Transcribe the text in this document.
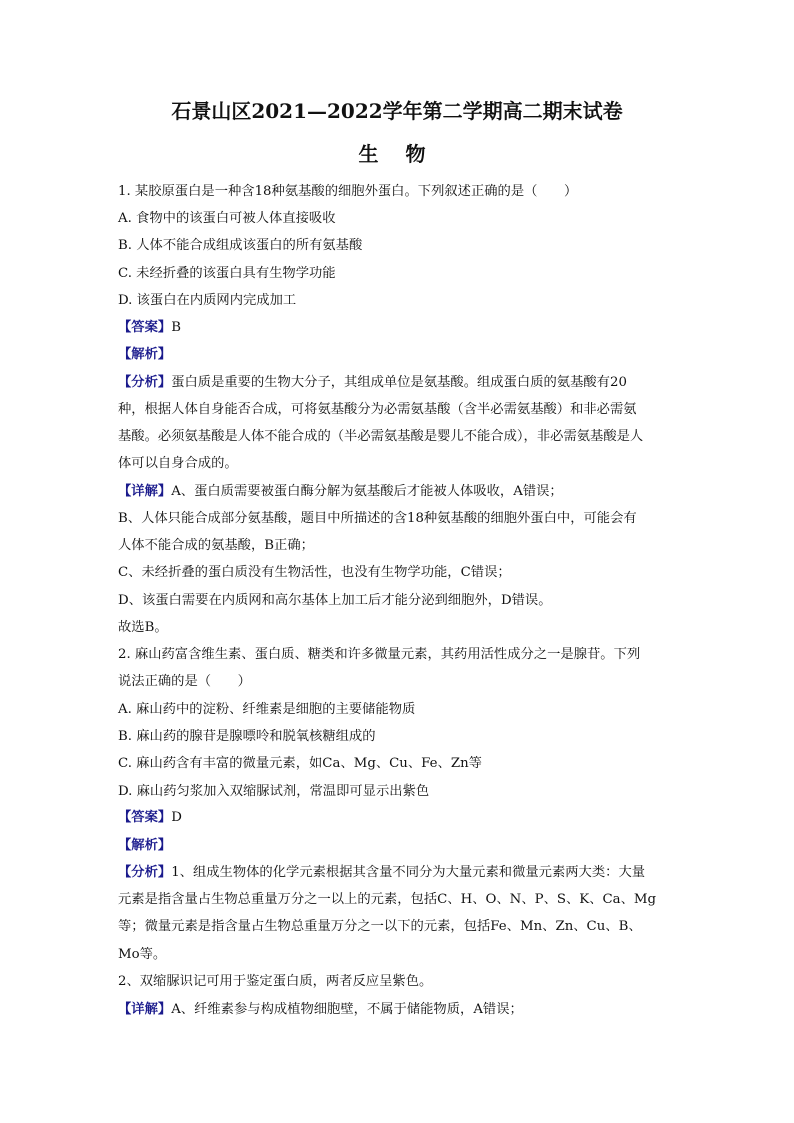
石景山区2021—2022学年第二学期高二期末试卷
生 物
1. 某胶原蛋白是一种含18种氨基酸的细胞外蛋白。下列叙述正确的是（　　）
A. 食物中的该蛋白可被人体直接吸收
B. 人体不能合成组成该蛋白的所有氨基酸
C. 未经折叠的该蛋白具有生物学功能
D. 该蛋白在内质网内完成加工
【答案】B
【解析】
【分析】蛋白质是重要的生物大分子，其组成单位是氨基酸。组成蛋白质的氨基酸有20
种，根据人体自身能否合成，可将氨基酸分为必需氨基酸（含半必需氨基酸）和非必需氨
基酸。必须氨基酸是人体不能合成的（半必需氨基酸是婴儿不能合成），非必需氨基酸是人
体可以自身合成的。
【详解】A、蛋白质需要被蛋白酶分解为氨基酸后才能被人体吸收，A错误；
B、人体只能合成部分氨基酸，题目中所描述的含18种氨基酸的细胞外蛋白中，可能会有
人体不能合成的氨基酸，B正确；
C、未经折叠的蛋白质没有生物活性，也没有生物学功能，C错误；
D、该蛋白需要在内质网和高尔基体上加工后才能分泌到细胞外，D错误。
故选B。
2. 麻山药富含维生素、蛋白质、糖类和许多微量元素，其药用活性成分之一是腺苷。下列
说法正确的是（　　）
A. 麻山药中的淀粉、纤维素是细胞的主要储能物质
B. 麻山药的腺苷是腺嘌呤和脱氧核糖组成的
C. 麻山药含有丰富的微量元素，如Ca、Mg、Cu、Fe、Zn等
D. 麻山药匀浆加入双缩脲试剂，常温即可显示出紫色
【答案】D
【解析】
【分析】1、组成生物体的化学元素根据其含量不同分为大量元素和微量元素两大类：大量
元素是指含量占生物总重量万分之一以上的元素，包括C、H、O、N、P、S、K、Ca、Mg
等；微量元素是指含量占生物总重量万分之一以下的元素，包括Fe、Mn、Zn、Cu、B、
Mo等。
2、双缩脲识记可用于鉴定蛋白质，两者反应呈紫色。
【详解】A、纤维素参与构成植物细胞壁，不属于储能物质，A错误；
